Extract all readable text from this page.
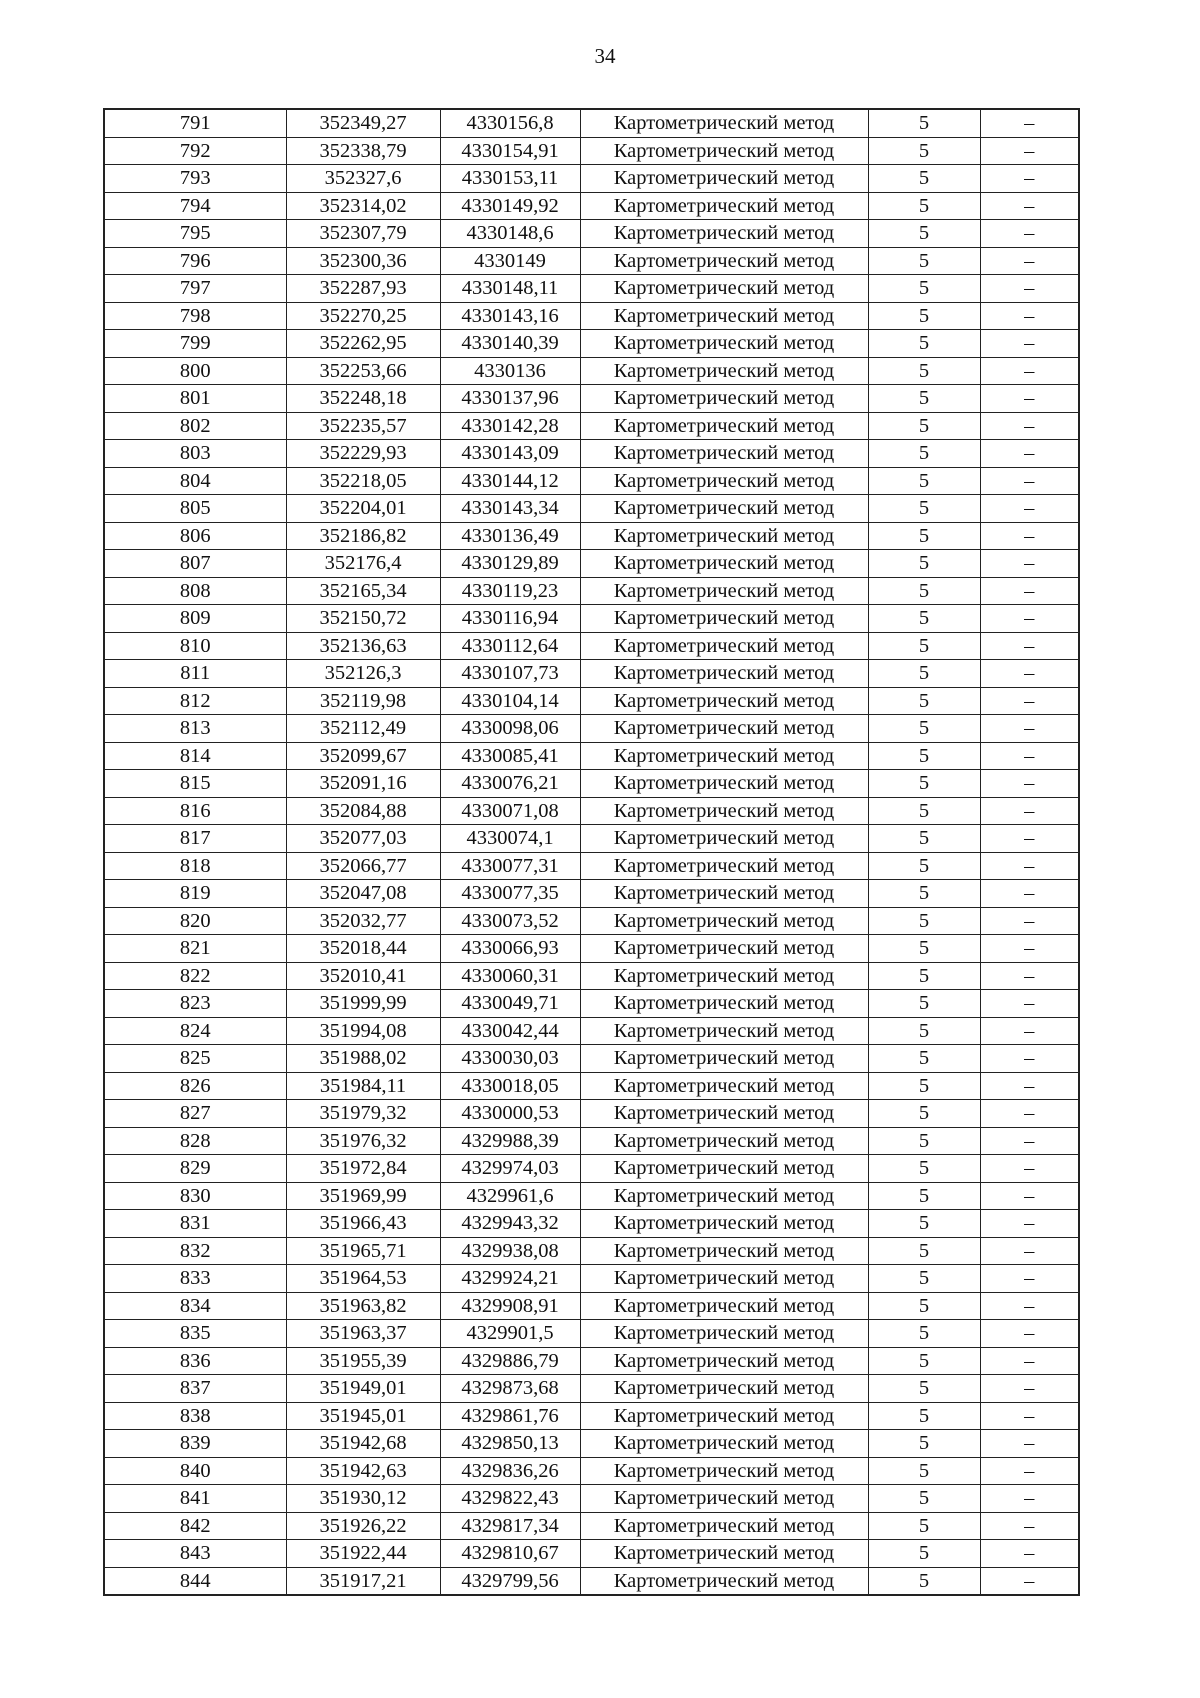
34
791	352349,27	4330156,8	Картометрический метод	5	–
792	352338,79	4330154,91	Картометрический метод	5	–
793	352327,6	4330153,11	Картометрический метод	5	–
794	352314,02	4330149,92	Картометрический метод	5	–
795	352307,79	4330148,6	Картометрический метод	5	–
796	352300,36	4330149	Картометрический метод	5	–
797	352287,93	4330148,11	Картометрический метод	5	–
798	352270,25	4330143,16	Картометрический метод	5	–
799	352262,95	4330140,39	Картометрический метод	5	–
800	352253,66	4330136	Картометрический метод	5	–
801	352248,18	4330137,96	Картометрический метод	5	–
802	352235,57	4330142,28	Картометрический метод	5	–
803	352229,93	4330143,09	Картометрический метод	5	–
804	352218,05	4330144,12	Картометрический метод	5	–
805	352204,01	4330143,34	Картометрический метод	5	–
806	352186,82	4330136,49	Картометрический метод	5	–
807	352176,4	4330129,89	Картометрический метод	5	–
808	352165,34	4330119,23	Картометрический метод	5	–
809	352150,72	4330116,94	Картометрический метод	5	–
810	352136,63	4330112,64	Картометрический метод	5	–
811	352126,3	4330107,73	Картометрический метод	5	–
812	352119,98	4330104,14	Картометрический метод	5	–
813	352112,49	4330098,06	Картометрический метод	5	–
814	352099,67	4330085,41	Картометрический метод	5	–
815	352091,16	4330076,21	Картометрический метод	5	–
816	352084,88	4330071,08	Картометрический метод	5	–
817	352077,03	4330074,1	Картометрический метод	5	–
818	352066,77	4330077,31	Картометрический метод	5	–
819	352047,08	4330077,35	Картометрический метод	5	–
820	352032,77	4330073,52	Картометрический метод	5	–
821	352018,44	4330066,93	Картометрический метод	5	–
822	352010,41	4330060,31	Картометрический метод	5	–
823	351999,99	4330049,71	Картометрический метод	5	–
824	351994,08	4330042,44	Картометрический метод	5	–
825	351988,02	4330030,03	Картометрический метод	5	–
826	351984,11	4330018,05	Картометрический метод	5	–
827	351979,32	4330000,53	Картометрический метод	5	–
828	351976,32	4329988,39	Картометрический метод	5	–
829	351972,84	4329974,03	Картометрический метод	5	–
830	351969,99	4329961,6	Картометрический метод	5	–
831	351966,43	4329943,32	Картометрический метод	5	–
832	351965,71	4329938,08	Картометрический метод	5	–
833	351964,53	4329924,21	Картометрический метод	5	–
834	351963,82	4329908,91	Картометрический метод	5	–
835	351963,37	4329901,5	Картометрический метод	5	–
836	351955,39	4329886,79	Картометрический метод	5	–
837	351949,01	4329873,68	Картометрический метод	5	–
838	351945,01	4329861,76	Картометрический метод	5	–
839	351942,68	4329850,13	Картометрический метод	5	–
840	351942,63	4329836,26	Картометрический метод	5	–
841	351930,12	4329822,43	Картометрический метод	5	–
842	351926,22	4329817,34	Картометрический метод	5	–
843	351922,44	4329810,67	Картометрический метод	5	–
844	351917,21	4329799,56	Картометрический метод	5	–
